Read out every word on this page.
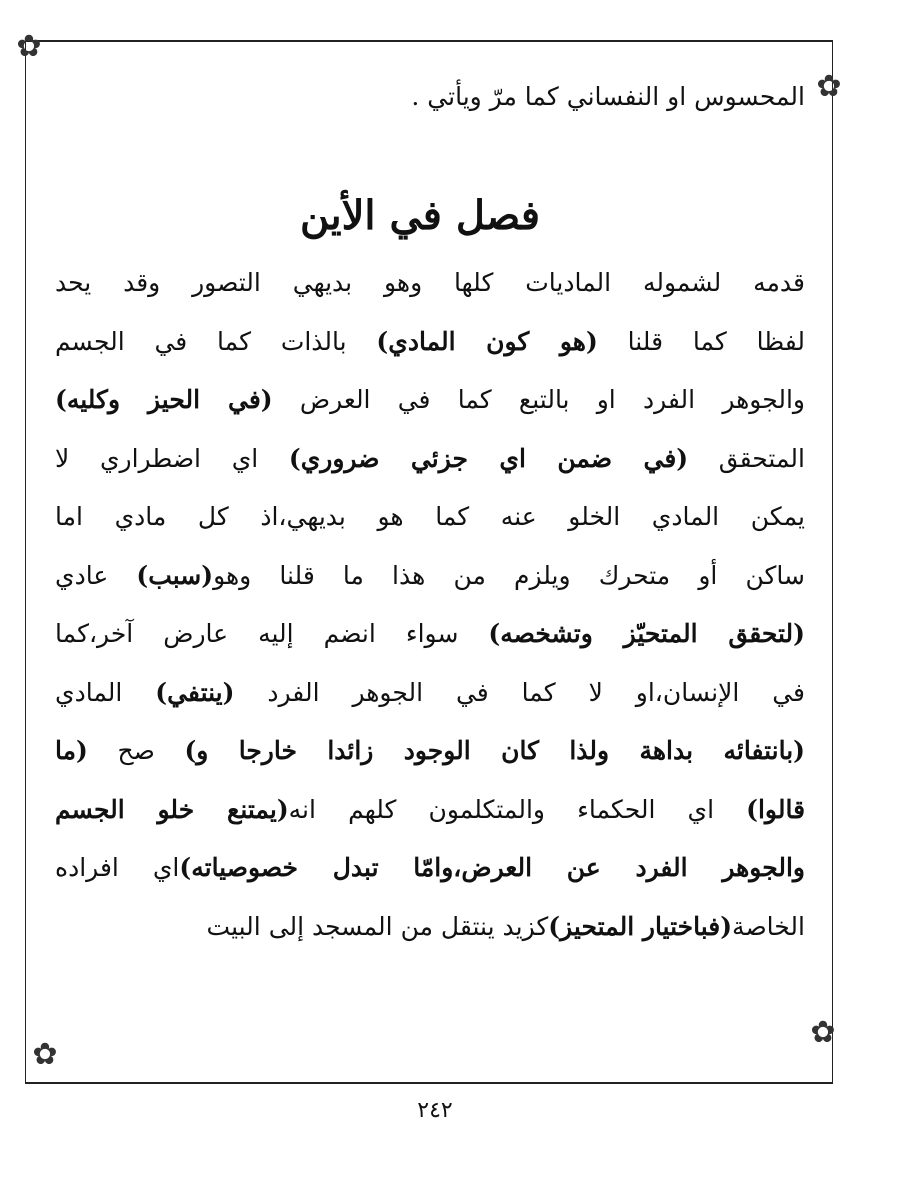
✿
✿
✿
✿
المحسوس او النفساني كما مرّ ويأتي .
فصل في الأين
قدمه لشموله الماديات كلها وهو بديهي التصور وقد يحد
لفظا كما قلنا (هو كون المادي) بالذات كما في الجسم
والجوهر الفرد او بالتبع كما في العرض (في الحيز وكليه)
المتحقق (في ضمن اي جزئي ضروري) اي اضطراري لا
يمكن المادي الخلو عنه كما هو بديهي،اذ كل مادي اما
ساكن أو متحرك ويلزم من هذا ما قلنا وهو(سبب) عادي
(لتحقق المتحيّز وتشخصه) سواء انضم إليه عارض آخر،كما
في الإنسان،او لا كما في الجوهر الفرد (ينتفي) المادي
(بانتفائه بداهة ولذا كان الوجود زائدا خارجا و) صح (ما
قالوا) اي الحكماء والمتكلمون كلهم انه(يمتنع خلو الجسم
والجوهر الفرد عن العرض،وامّا تبدل خصوصياته)اي افراده
الخاصة(فباختيار المتحيز)كزيد ينتقل من المسجد إلى البيت
٢٤٢
